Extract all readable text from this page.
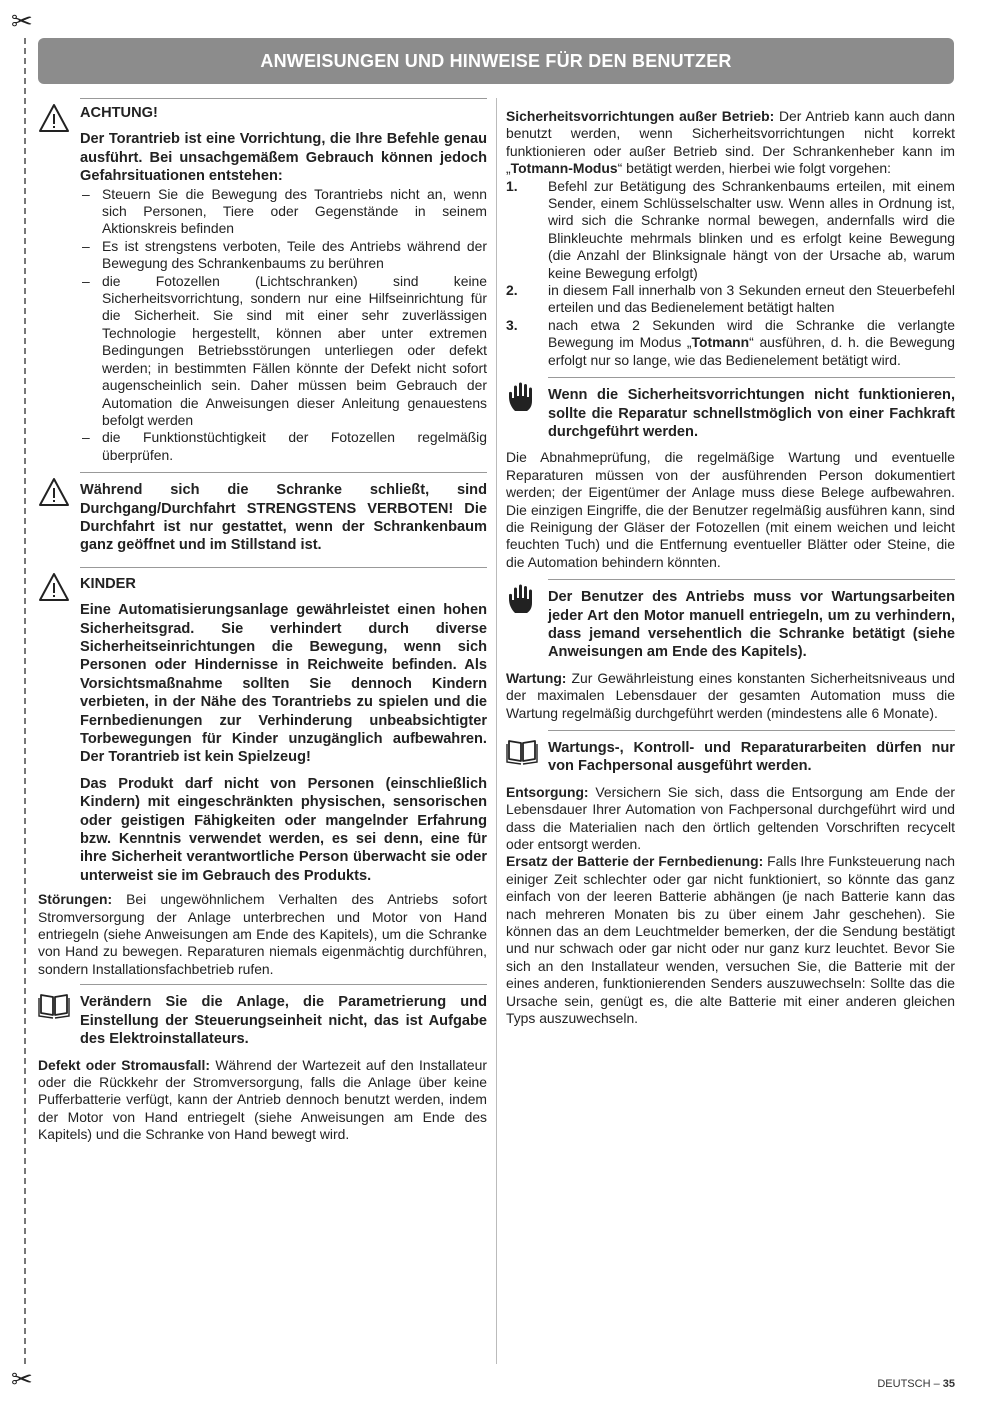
✂
✂
ANWEISUNGEN UND HINWEISE FÜR DEN BENUTZER
ACHTUNG!

Der Torantrieb ist eine Vorrichtung, die Ihre Befehle genau ausführt. Bei unsachgemäßem Gebrauch können jedoch Gefahrsituationen entstehen:

– Steuern Sie die Bewegung des Torantriebs nicht an, wenn sich Personen, Tiere oder Gegenstände in seinem Aktionskreis befinden
– Es ist strengstens verboten, Teile des Antriebs während der Bewegung des Schrankenbaums zu berühren
– die Fotozellen (Lichtschranken) sind keine Sicherheitsvorrichtung, sondern nur eine Hilfseinrichtung für die Sicherheit. Sie sind mit einer sehr zuverlässigen Technologie hergestellt, können aber unter extremen Bedingungen Betriebsstörungen unterliegen oder defekt werden; in bestimmten Fällen könnte der Defekt nicht sofort augenscheinlich sein. Daher müssen beim Gebrauch der Automation die Anweisungen dieser Anleitung genauestens befolgt werden
– die Funktionstüchtigkeit der Fotozellen regelmäßig überprüfen.

Während sich die Schranke schließt, sind Durchgang/Durchfahrt STRENGSTENS VERBOTEN! Die Durchfahrt ist nur gestattet, wenn der Schrankenbaum ganz geöffnet und im Stillstand ist.

KINDER

Eine Automatisierungsanlage gewährleistet einen hohen Sicherheitsgrad. Sie verhindert durch diverse Sicherheitseinrichtungen die Bewegung, wenn sich Personen oder Hindernisse in Reichweite befinden. Als Vorsichtsmaßnahme sollten Sie dennoch Kindern verbieten, in der Nähe des Torantriebs zu spielen und die Fernbedienungen zur Verhinderung unbeabsichtigter Torbewegungen für Kinder unzugänglich aufbewahren. Der Torantrieb ist kein Spielzeug!

Das Produkt darf nicht von Personen (einschließlich Kindern) mit eingeschränkten physischen, sensorischen oder geistigen Fähigkeiten oder mangelnder Erfahrung bzw. Kenntnis verwendet werden, es sei denn, eine für ihre Sicherheit verantwortliche Person überwacht sie oder unterweist sie im Gebrauch des Produkts.

Störungen: Bei ungewöhnlichem Verhalten des Antriebs sofort Stromversorgung der Anlage unterbrechen und Motor von Hand entriegeln (siehe Anweisungen am Ende des Kapitels), um die Schranke von Hand zu bewegen. Reparaturen niemals eigenmächtig durchführen, sondern Installationsfachbetrieb rufen.

Verändern Sie die Anlage, die Parametrierung und Einstellung der Steuerungseinheit nicht, das ist Aufgabe des Elektroinstallateurs.

Defekt oder Stromausfall: Während der Wartezeit auf den Installateur oder die Rückkehr der Stromversorgung, falls die Anlage über keine Pufferbatterie verfügt, kann der Antrieb dennoch benutzt werden, indem der Motor von Hand entriegelt (siehe Anweisungen am Ende des Kapitels) und die Schranke von Hand bewegt wird.

Sicherheitsvorrichtungen außer Betrieb: Der Antrieb kann auch dann benutzt werden, wenn Sicherheitsvorrichtungen nicht korrekt funktionieren oder außer Betrieb sind. Der Schrankenheber kann im „Totmann-Modus“ betätigt werden, hierbei wie folgt vorgehen:

1. Befehl zur Betätigung des Schrankenbaums erteilen, mit einem Sender, einem Schlüsselschalter usw. Wenn alles in Ordnung ist, wird sich die Schranke normal bewegen, andernfalls wird die Blinkleuchte mehrmals blinken und es erfolgt keine Bewegung (die Anzahl der Blinksignale hängt von der Ursache ab, warum keine Bewegung erfolgt)
2. in diesem Fall innerhalb von 3 Sekunden erneut den Steuerbefehl erteilen und das Bedienelement betätigt halten
3. nach etwa 2 Sekunden wird die Schranke die verlangte Bewegung im Modus „Totmann“ ausführen, d. h. die Bewegung erfolgt nur so lange, wie das Bedienelement betätigt wird.

Wenn die Sicherheitsvorrichtungen nicht funktionieren, sollte die Reparatur schnellstmöglich von einer Fachkraft durchgeführt werden.

Die Abnahmeprüfung, die regelmäßige Wartung und eventuelle Reparaturen müssen von der ausführenden Person dokumentiert werden; der Eigentümer der Anlage muss diese Belege aufbewahren. Die einzigen Eingriffe, die der Benutzer regelmäßig ausführen kann, sind die Reinigung der Gläser der Fotozellen (mit einem weichen und leicht feuchten Tuch) und die Entfernung eventueller Blätter oder Steine, die die Automation behindern könnten.

Der Benutzer des Antriebs muss vor Wartungsarbeiten jeder Art den Motor manuell entriegeln, um zu verhindern, dass jemand versehentlich die Schranke betätigt (siehe Anweisungen am Ende des Kapitels).

Wartung: Zur Gewährleistung eines konstanten Sicherheitsniveaus und der maximalen Lebensdauer der gesamten Automation muss die Wartung regelmäßig durchgeführt werden (mindestens alle 6 Monate).

Wartungs-, Kontroll- und Reparaturarbeiten dürfen nur von Fachpersonal ausgeführt werden.

Entsorgung: Versichern Sie sich, dass die Entsorgung am Ende der Lebensdauer Ihrer Automation von Fachpersonal durchgeführt wird und dass die Materialien nach den örtlich geltenden Vorschriften recycelt oder entsorgt werden.

Ersatz der Batterie der Fernbedienung: Falls Ihre Funksteuerung nach einiger Zeit schlechter oder gar nicht funktioniert, so könnte das ganz einfach von der leeren Batterie abhängen (je nach Batterie kann das nach mehreren Monaten bis zu über einem Jahr geschehen). Sie können das an dem Leuchtmelder bemerken, der die Sendung bestätigt und nur schwach oder gar nicht oder nur ganz kurz leuchtet. Bevor Sie sich an den Installateur wenden, versuchen Sie, die Batterie mit der eines anderen, funktionierenden Senders auszuwechseln: Sollte das die Ursache sein, genügt es, die alte Batterie mit einer anderen gleichen Typs auszuwechseln.

DEUTSCH – 35
